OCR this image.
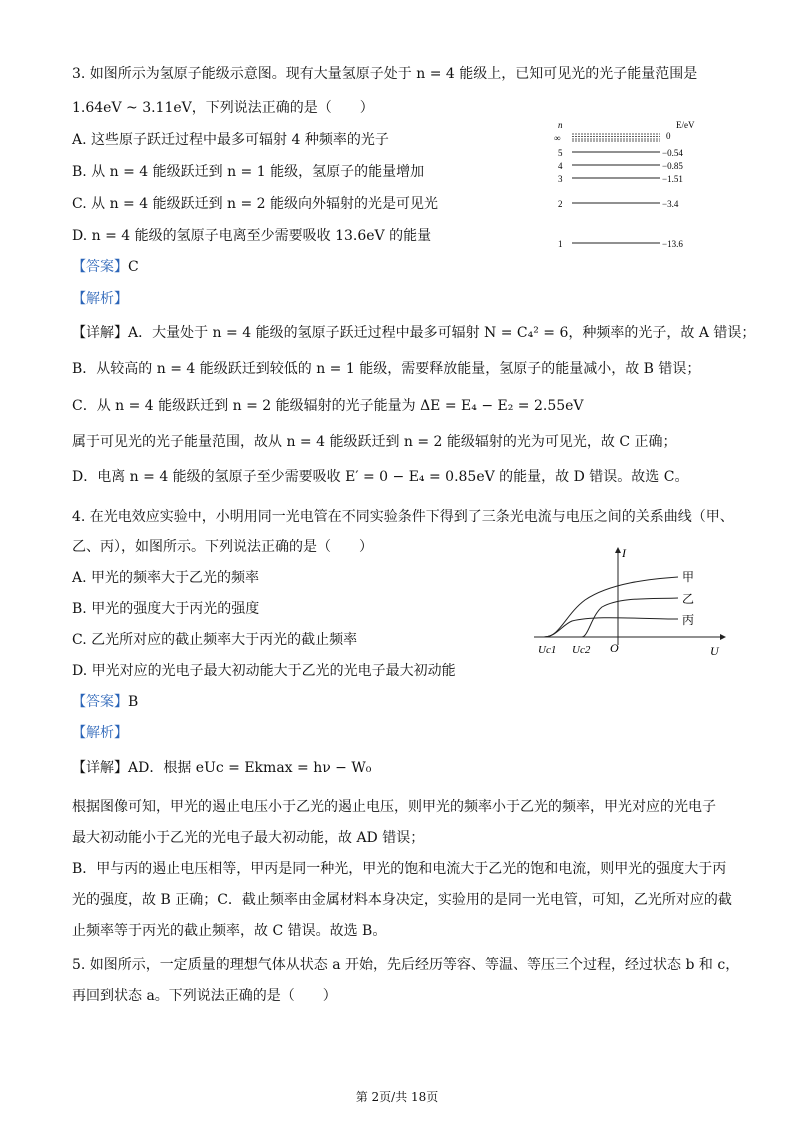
3. 如图所示为氢原子能级示意图。现有大量氢原子处于 n = 4 能级上，已知可见光的光子能量范围是
1.64eV ~ 3.11eV，下列说法正确的是（　　）
A. 这些原子跃迁过程中最多可辐射 4 种频率的光子
B. 从 n = 4 能级跃迁到 n = 1 能级，氢原子的能量增加
C. 从 n = 4 能级跃迁到 n = 2 能级向外辐射的光是可见光
D. n = 4 能级的氢原子电离至少需要吸收 13.6eV 的能量
【答案】C
【解析】
【详解】A．大量处于 n = 4 能级的氢原子跃迁过程中最多可辐射 N = C₄² = 6，种频率的光子，故 A 错误；
B．从较高的 n = 4 能级跃迁到较低的 n = 1 能级，需要释放能量，氢原子的能量减小，故 B 错误；
C．从 n = 4 能级跃迁到 n = 2 能级辐射的光子能量为 ΔE = E₄ − E₂ = 2.55eV
属于可见光的光子能量范围，故从 n = 4 能级跃迁到 n = 2 能级辐射的光为可见光，故 C 正确；
D．电离 n = 4 能级的氢原子至少需要吸收 E′ = 0 − E₄ = 0.85eV 的能量，故 D 错误。故选 C。
n	E/eV
∞	0
5	−0.54
4	−0.85
3	−1.51
2	−3.4
1	−13.6
4. 在光电效应实验中，小明用同一光电管在不同实验条件下得到了三条光电流与电压之间的关系曲线（甲、
乙、丙），如图所示。下列说法正确的是（　　）
A. 甲光的频率大于乙光的频率
B. 甲光的强度大于丙光的强度
C. 乙光所对应的截止频率大于丙光的截止频率
D. 甲光对应的光电子最大初动能大于乙光的光电子最大初动能
【答案】B
【解析】
【详解】AD．根据 eUc = Ekmax = hν − W₀
根据图像可知，甲光的遏止电压小于乙光的遏止电压，则甲光的频率小于乙光的频率，甲光对应的光电子
最大初动能小于乙光的光电子最大初动能，故 AD 错误；
B．甲与丙的遏止电压相等，甲丙是同一种光，甲光的饱和电流大于乙光的饱和电流，则甲光的强度大于丙
光的强度，故 B 正确；C．截止频率由金属材料本身决定，实验用的是同一光电管，可知，乙光所对应的截
止频率等于丙光的截止频率，故 C 错误。故选 B。
I
U
O
Uc1 Uc2
甲
乙
丙
5. 如图所示，一定质量的理想气体从状态 a 开始，先后经历等容、等温、等压三个过程，经过状态 b 和 c，
再回到状态 a。下列说法正确的是（　　）
第 2页/共 18页
